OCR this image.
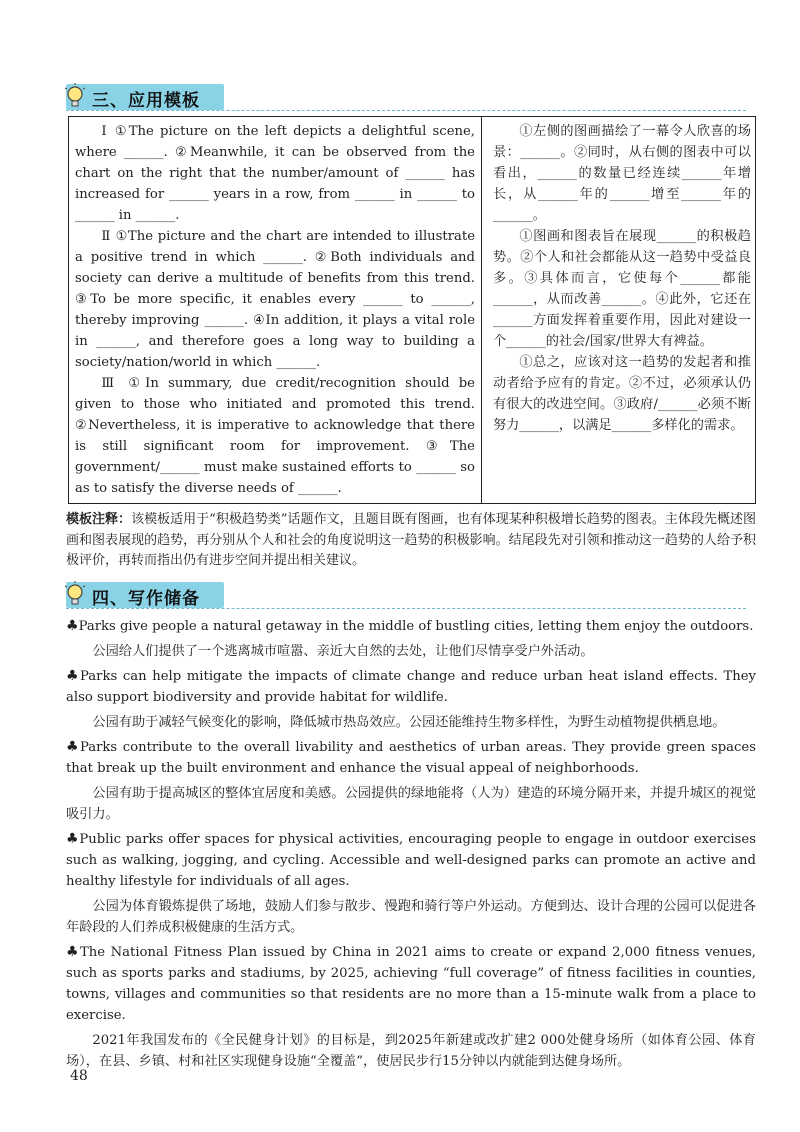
三、应用模板

Ⅰ ①The picture on the left depicts a delightful scene, where ______. ②Meanwhile, it can be observed from the chart on the right that the number/amount of ______ has increased for ______ years in a row, from ______ in ______ to ______ in ______.

Ⅱ ①The picture and the chart are intended to illustrate a positive trend in which ______. ②Both individuals and society can derive a multitude of benefits from this trend. ③To be more specific, it enables every ______ to ______, thereby improving ______. ④In addition, it plays a vital role in ______, and therefore goes a long way to building a society/nation/world in which ______.

Ⅲ ①In summary, due credit/recognition should be given to those who initiated and promoted this trend. ②Nevertheless, it is imperative to acknowledge that there is still significant room for improvement. ③The government/______ must make sustained efforts to ______ so as to satisfy the diverse needs of ______.

①左侧的图画描绘了一幕令人欣喜的场景：______。②同时，从右侧的图表中可以看出，______的数量已经连续______年增长，从______年的______增至______年的______。

①图画和图表旨在展现______的积极趋势。②个人和社会都能从这一趋势中受益良多。③具体而言，它使每个______都能______，从而改善______。④此外，它还在______方面发挥着重要作用，因此对建设一个______的社会/国家/世界大有裨益。

①总之，应该对这一趋势的发起者和推动者给予应有的肯定。②不过，必须承认仍有很大的改进空间。③政府/______必须不断努力______，以满足______多样化的需求。

模板注释：该模板适用于“积极趋势类”话题作文，且题目既有图画，也有体现某种积极增长趋势的图表。主体段先概述图画和图表展现的趋势，再分别从个人和社会的角度说明这一趋势的积极影响。结尾段先对引领和推动这一趋势的人给予积极评价，再转而指出仍有进步空间并提出相关建议。
四、写作储备

♣Parks give people a natural getaway in the middle of bustling cities, letting them enjoy the outdoors.

公园给人们提供了一个逃离城市喧嚣、亲近大自然的去处，让他们尽情享受户外活动。

♣Parks can help mitigate the impacts of climate change and reduce urban heat island effects. They also support biodiversity and provide habitat for wildlife.

公园有助于减轻气候变化的影响，降低城市热岛效应。公园还能维持生物多样性，为野生动植物提供栖息地。

♣Parks contribute to the overall livability and aesthetics of urban areas. They provide green spaces that break up the built environment and enhance the visual appeal of neighborhoods.

公园有助于提高城区的整体宜居度和美感。公园提供的绿地能将（人为）建造的环境分隔开来，并提升城区的视觉吸引力。

♣Public parks offer spaces for physical activities, encouraging people to engage in outdoor exercises such as walking, jogging, and cycling. Accessible and well-designed parks can promote an active and healthy lifestyle for individuals of all ages.

公园为体育锻炼提供了场地，鼓励人们参与散步、慢跑和骑行等户外运动。方便到达、设计合理的公园可以促进各年龄段的人们养成积极健康的生活方式。

♣The National Fitness Plan issued by China in 2021 aims to create or expand 2,000 fitness venues, such as sports parks and stadiums, by 2025, achieving “full coverage” of fitness facilities in counties, towns, villages and communities so that residents are no more than a 15-minute walk from a place to exercise.

2021年我国发布的《全民健身计划》的目标是，到2025年新建或改扩建2 000处健身场所（如体育公园、体育场），在县、乡镇、村和社区实现健身设施“全覆盖”，使居民步行15分钟以内就能到达健身场所。

48
